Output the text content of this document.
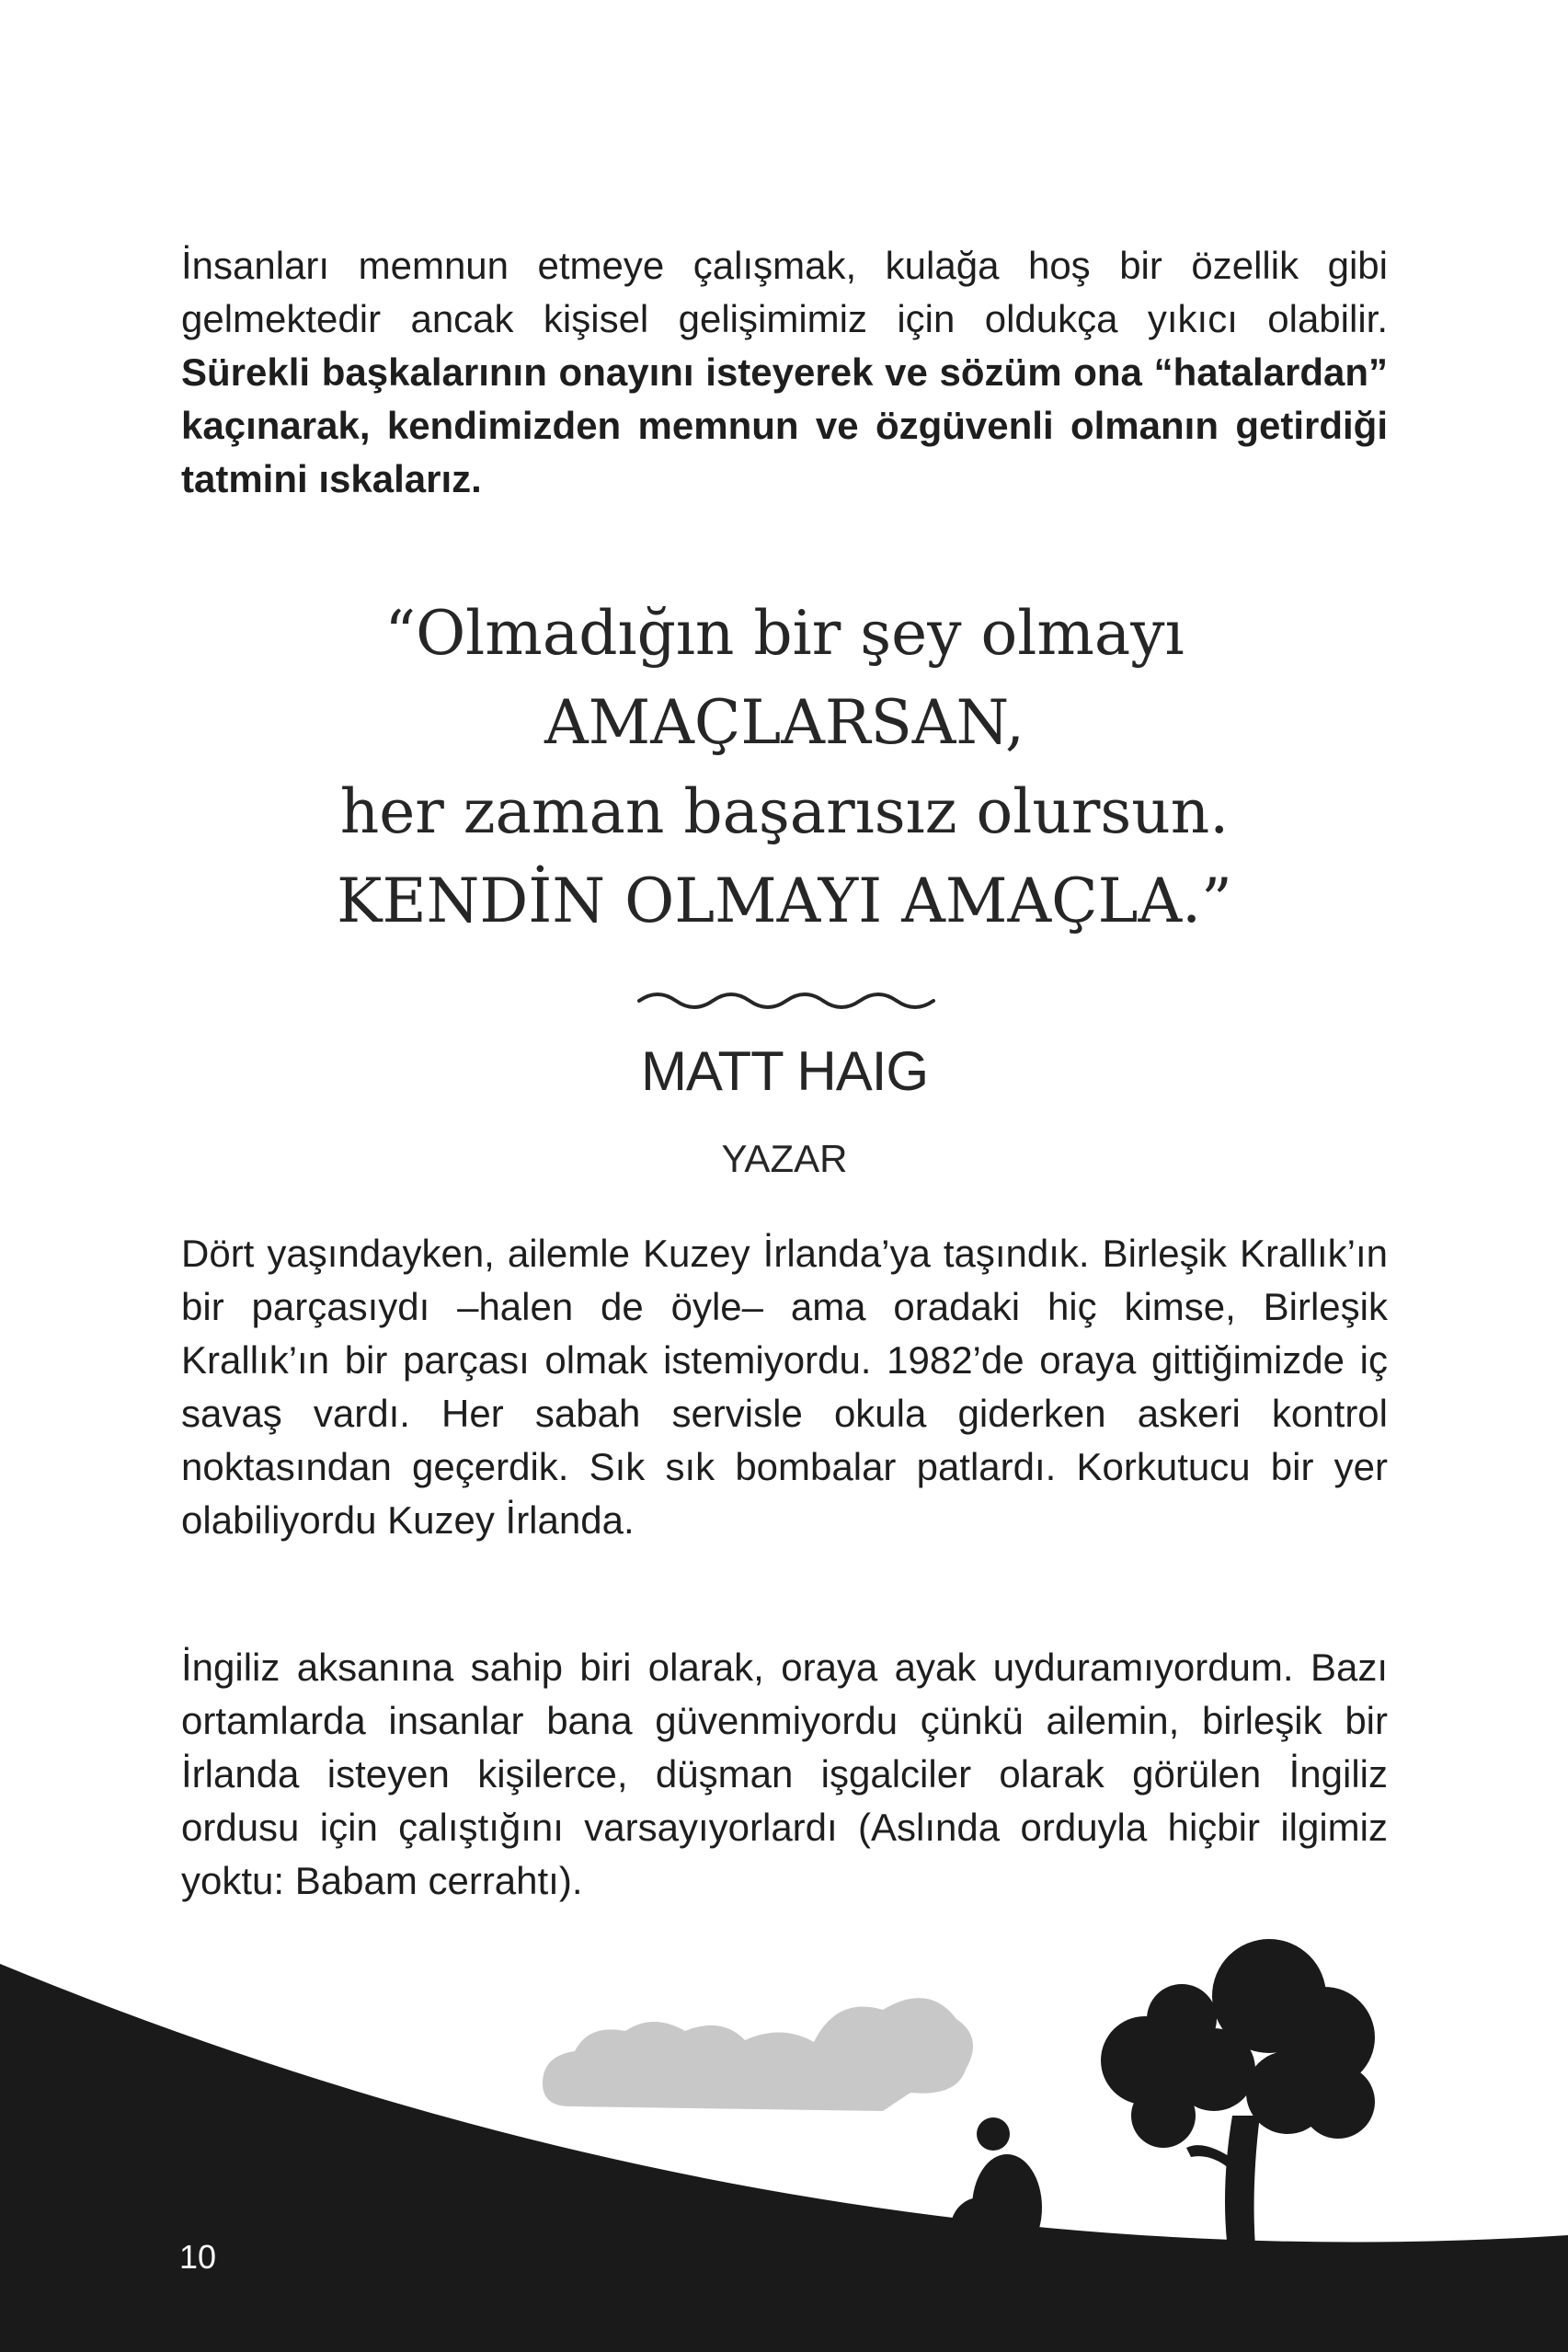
İnsanları memnun etmeye çalışmak, kulağa hoş bir özellik gibi gelmektedir ancak kişisel gelişimimiz için oldukça yıkıcı olabilir. Sürekli başkalarının onayını isteyerek ve sözüm ona “hatalardan” kaçınarak, kendimizden memnun ve özgüvenli olmanın getirdiği tatmini ıskalarız.

“Olmadığın bir şey olmayı
AMAÇLARSAN,
her zaman başarısız olursun.
KENDİN OLMAYI AMAÇLA.”
MATT HAIG
YAZAR

Dört yaşındayken, ailemle Kuzey İrlanda’ya taşındık. Birleşik Krallık’ın bir parçasıydı –halen de öyle– ama oradaki hiç kimse, Birleşik Krallık’ın bir parçası olmak istemiyordu. 1982’de oraya gittiğimizde iç savaş vardı. Her sabah servisle okula giderken askeri kontrol noktasından geçerdik. Sık sık bombalar patlardı. Korkutucu bir yer olabiliyordu Kuzey İrlanda.

İngiliz aksanına sahip biri olarak, oraya ayak uyduramıyordum. Bazı ortamlarda insanlar bana güvenmiyordu çünkü ailemin, birleşik bir İrlanda isteyen kişilerce, düşman işgalciler olarak görülen İngiliz ordusu için çalıştığını varsayıyorlardı (Aslında orduyla hiçbir ilgimiz yoktu: Babam cerrahtı).

10
